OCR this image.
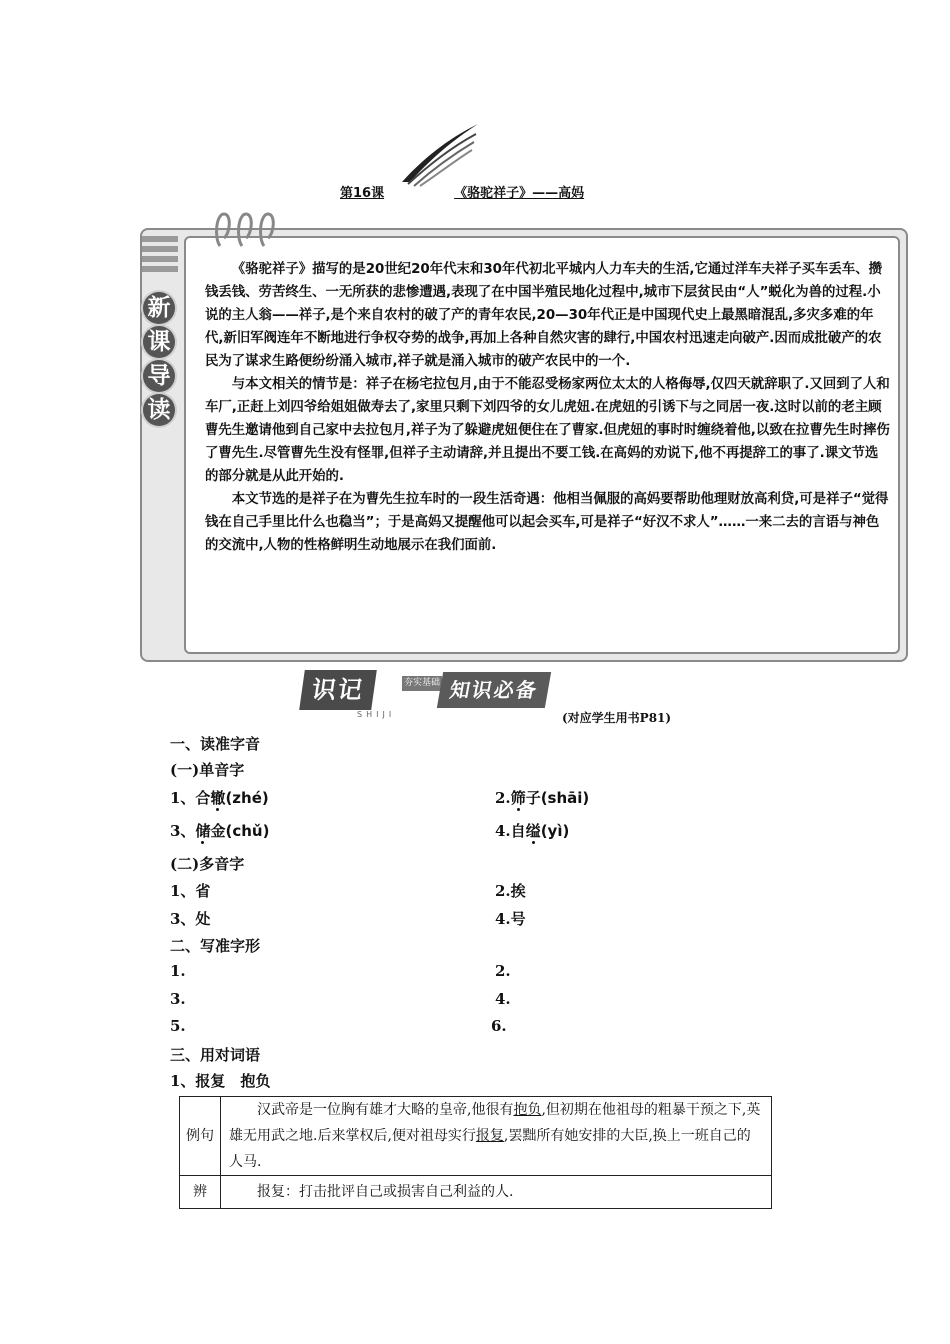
第16课	《骆驼祥子》——高妈
新
课
导
读

《骆驼祥子》描写的是20世纪20年代末和30年代初北平城内人力车夫的生活,它通过洋车夫祥子买车丢车、攒钱丢钱、劳苦终生、一无所获的悲惨遭遇,表现了在中国半殖民地化过程中,城市下层贫民由“人”蜕化为兽的过程.小说的主人翁——祥子,是个来自农村的破了产的青年农民,20—30年代正是中国现代史上最黑暗混乱,多灾多难的年代,新旧军阀连年不断地进行争权夺势的战争,再加上各种自然灾害的肆行,中国农村迅速走向破产.因而成批破产的农民为了谋求生路便纷纷涌入城市,祥子就是涌入城市的破产农民中的一个.

与本文相关的情节是：祥子在杨宅拉包月,由于不能忍受杨家两位太太的人格侮辱,仅四天就辞职了.又回到了人和车厂,正赶上刘四爷给姐姐做寿去了,家里只剩下刘四爷的女儿虎妞.在虎妞的引诱下与之同居一夜.这时以前的老主顾曹先生邀请他到自己家中去拉包月,祥子为了躲避虎妞便住在了曹家.但虎妞的事时时缠绕着他,以致在拉曹先生时摔伤了曹先生.尽管曹先生没有怪罪,但祥子主动请辞,并且提出不要工钱.在高妈的劝说下,他不再提辞工的事了.课文节选的部分就是从此开始的.

本文节选的是祥子在为曹先生拉车时的一段生活奇遇：他相当佩服的高妈要帮助他理财放高利贷,可是祥子“觉得钱在自己手里比什么也稳当”；于是高妈又提醒他可以起会买车,可是祥子“好汉不求人”……一来二去的言语与神色的交流中,人物的性格鲜明生动地展示在我们面前.

识记	夯实基础 知识必备
SHIJI	(对应学生用书P81)
一、读准字音
(一)单音字
1、合辙(zhé)	2.筛子(shāi)
3、储金(chǔ)	4.自缢(yì)
(二)多音字
1、省	2.挨
3、处	4.号
二、写准字形
1.	2.
3.	4.
5.	6.
三、用对词语
1、报复　抱负
例句	汉武帝是一位胸有雄才大略的皇帝,他很有抱负,但初期在他祖母的粗暴干预之下,英雄无用武之地.后来掌权后,便对祖母实行报复,罢黜所有她安排的大臣,换上一班自己的人马.

辨	报复：打击批评自己或损害自己利益的人.
